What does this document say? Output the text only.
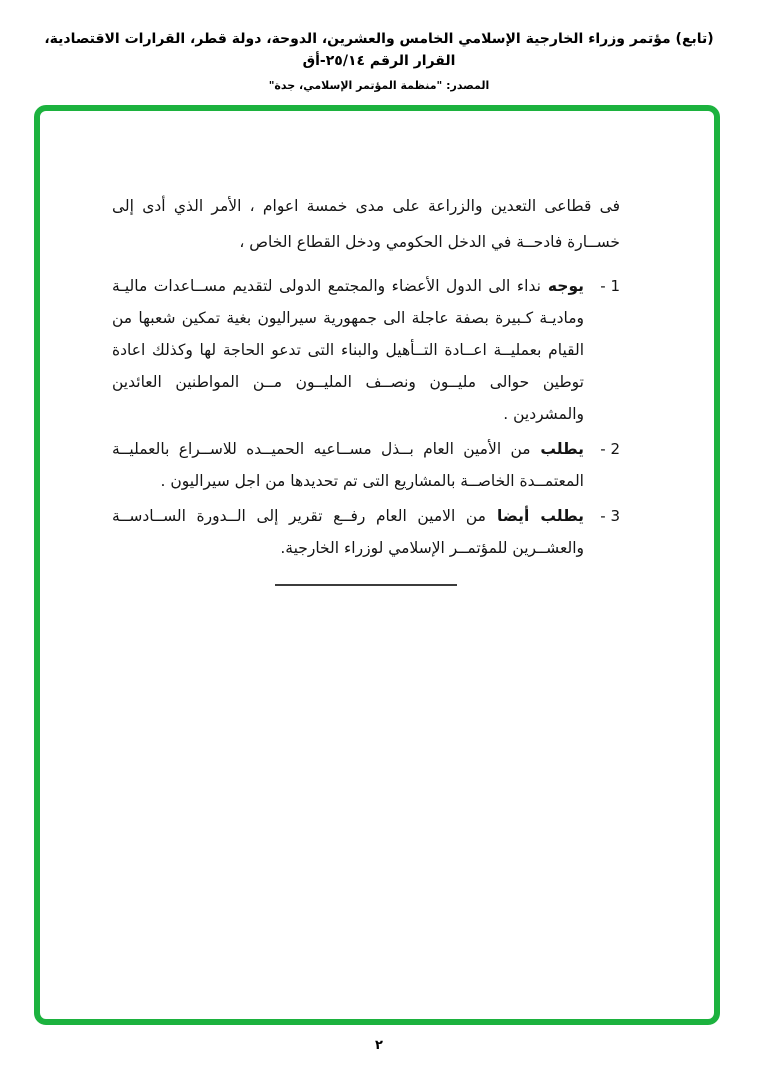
(تابع) مؤتمر وزراء الخارجية الإسلامي الخامس والعشرين، الدوحة، دولة قطر، القرارات الاقتصادية، القرار الرقم ٢٥/١٤-أق
المصدر: "منظمة المؤتمر الإسلامي، جدة"

فى قطاعى التعدين والزراعة على مدى خمسة اعوام ، الأمر الذي أدى إلى خســارة فادحــة في الدخل الحكومي ودخل القطاع الخاص ،

1 -

يوجه نداء الى الدول الأعضاء والمجتمع الدولى لتقديم مســاعدات ماليـة وماديـة كـبيرة بصفة عاجلة الى جمهورية سيراليون بغية تمكين شعبها من القيام بعمليــة اعــادة التــأهيل والبناء التى تدعو الحاجة لها وكذلك اعادة توطين حوالى مليــون ونصــف المليــون مــن المواطنين العائدين والمشردين .

2 -

يطلب من الأمين العام بــذل مســاعيه الحميــده للاســراع بالعمليــة المعتمــدة الخاصــة بالمشاريع التى تم تحديدها من اجل سيراليون .

3 -

يطلب أيضا من الامين العام رفــع تقرير إلى الــدورة الســادســة والعشــرين للمؤتمــر الإسلامي لوزراء الخارجية.

٢
